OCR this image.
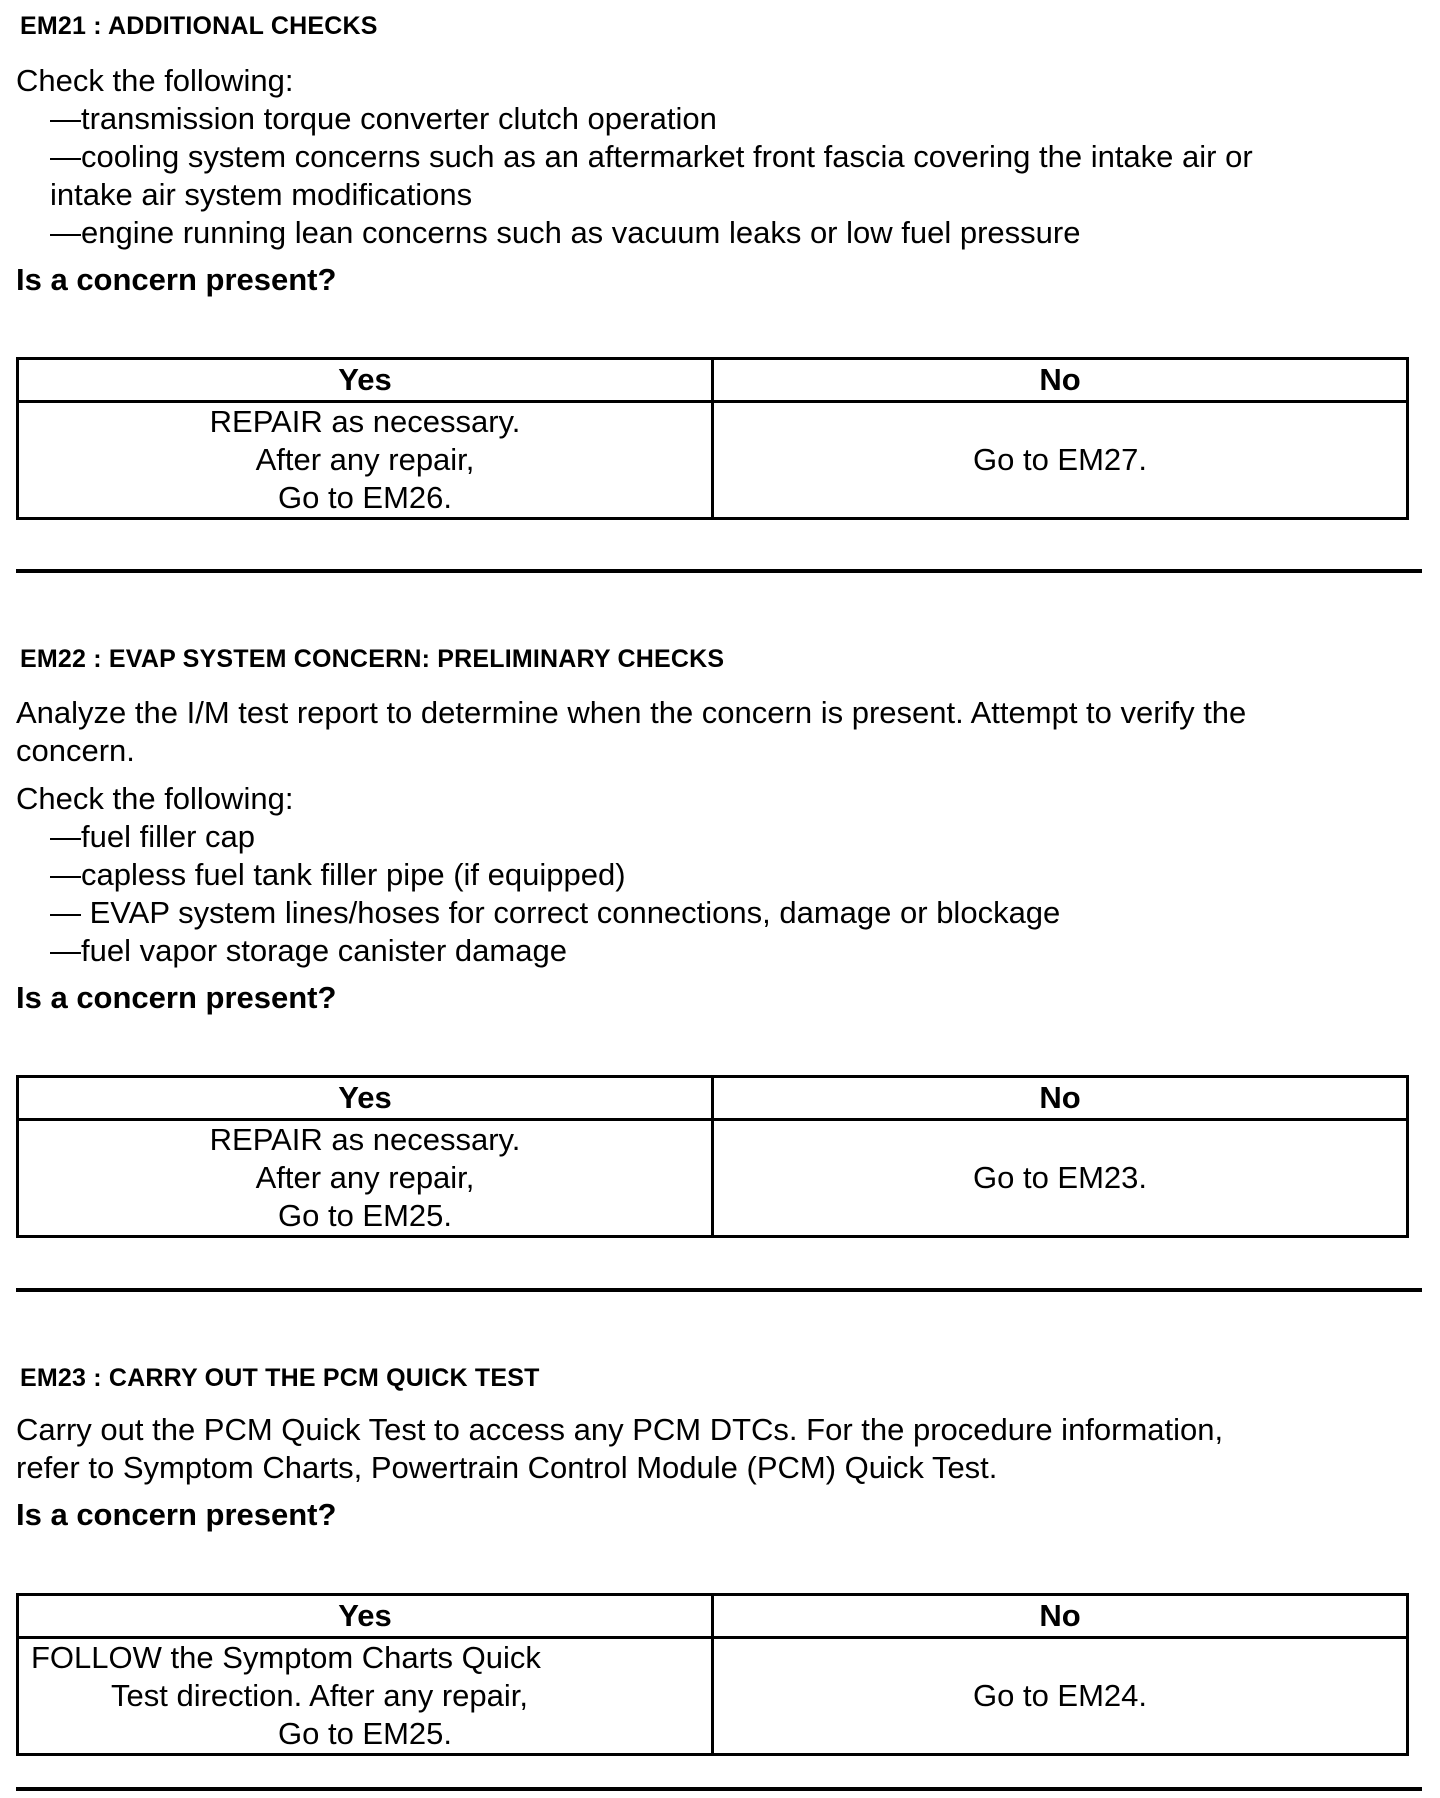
EM21 : ADDITIONAL CHECKS
Check the following:
—transmission torque converter clutch operation
—cooling system concerns such as an aftermarket front fascia covering the intake air or
intake air system modifications
—engine running lean concerns such as vacuum leaks or low fuel pressure
Is a concern present?
Yes	No

REPAIR as necessary.
After any repair,
Go to EM26.	Go to EM27.
EM22 : EVAP SYSTEM CONCERN: PRELIMINARY CHECKS
Analyze the I/M test report to determine when the concern is present. Attempt to verify the
concern.
Check the following:
—fuel filler cap
—capless fuel tank filler pipe (if equipped)
— EVAP system lines/hoses for correct connections, damage or blockage
—fuel vapor storage canister damage
Is a concern present?
Yes	No

REPAIR as necessary.
After any repair,
Go to EM25.	Go to EM23.
EM23 : CARRY OUT THE PCM QUICK TEST
Carry out the PCM Quick Test to access any PCM DTCs. For the procedure information,
refer to Symptom Charts, Powertrain Control Module (PCM) Quick Test.
Is a concern present?
Yes	No

FOLLOW the Symptom Charts Quick
Test direction. After any repair,
Go to EM25.	Go to EM24.
